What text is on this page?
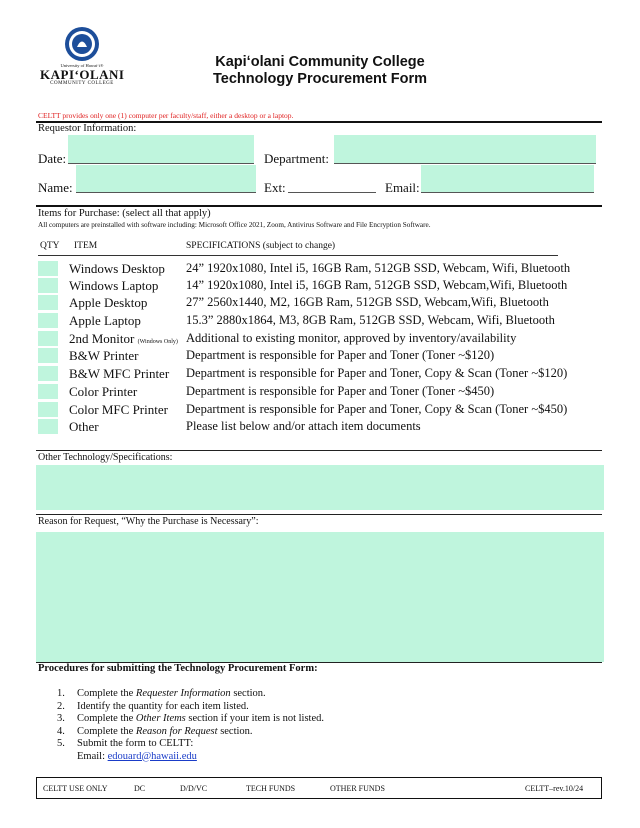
University of Hawai‘i®
KAPI‘OLANI
COMMUNITY COLLEGE
Kapiʻolani Community College
Technology Procurement Form
CELTT provides only one (1) computer per faculty/staff, either a desktop or a laptop.
Requestor Information:
Date:	Department:
Name:	Ext:	Email:
Items for Purchase: (select all that apply)
All computers are preinstalled with software including: Microsoft Office 2021, Zoom, Antivirus Software and File Encryption Software.
QTY ITEM	SPECIFICATIONS (subject to change)
Windows Desktop 24” 1920x1080, Intel i5, 16GB Ram, 512GB SSD, Webcam, Wifi, Bluetooth
Windows Laptop 14” 1920x1080, Intel i5, 16GB Ram, 512GB SSD, Webcam,Wifi, Bluetooth
Apple Desktop	27” 2560x1440, M2, 16GB Ram, 512GB SSD, Webcam,Wifi, Bluetooth
Apple Laptop	15.3” 2880x1864, M3, 8GB Ram, 512GB SSD, Webcam, Wifi, Bluetooth
2nd Monitor (Windows Only) Additional to existing monitor, approved by inventory/availability
B&W Printer	Department is responsible for Paper and Toner (Toner ~$120)
B&W MFC Printer Department is responsible for Paper and Toner, Copy & Scan (Toner ~$120)
Color Printer	Department is responsible for Paper and Toner (Toner ~$450)
Color MFC Printer Department is responsible for Paper and Toner, Copy & Scan (Toner ~$450)
Other	Please list below and/or attach item documents
Other Technology/Specifications:
Reason for Request, “Why the Purchase is Necessary”:
Procedures for submitting the Technology Procurement Form:
1. Complete the Requester Information section.
2. Identify the quantity for each item listed.
3. Complete the Other Items section if your item is not listed.
4. Complete the Reason for Request section.
5. Submit the form to CELTT:
Email: edouard@hawaii.edu
CELTT USE ONLY	DC	D/D/VC	TECH FUNDS	OTHER FUNDS	CELTT–rev.10/24
